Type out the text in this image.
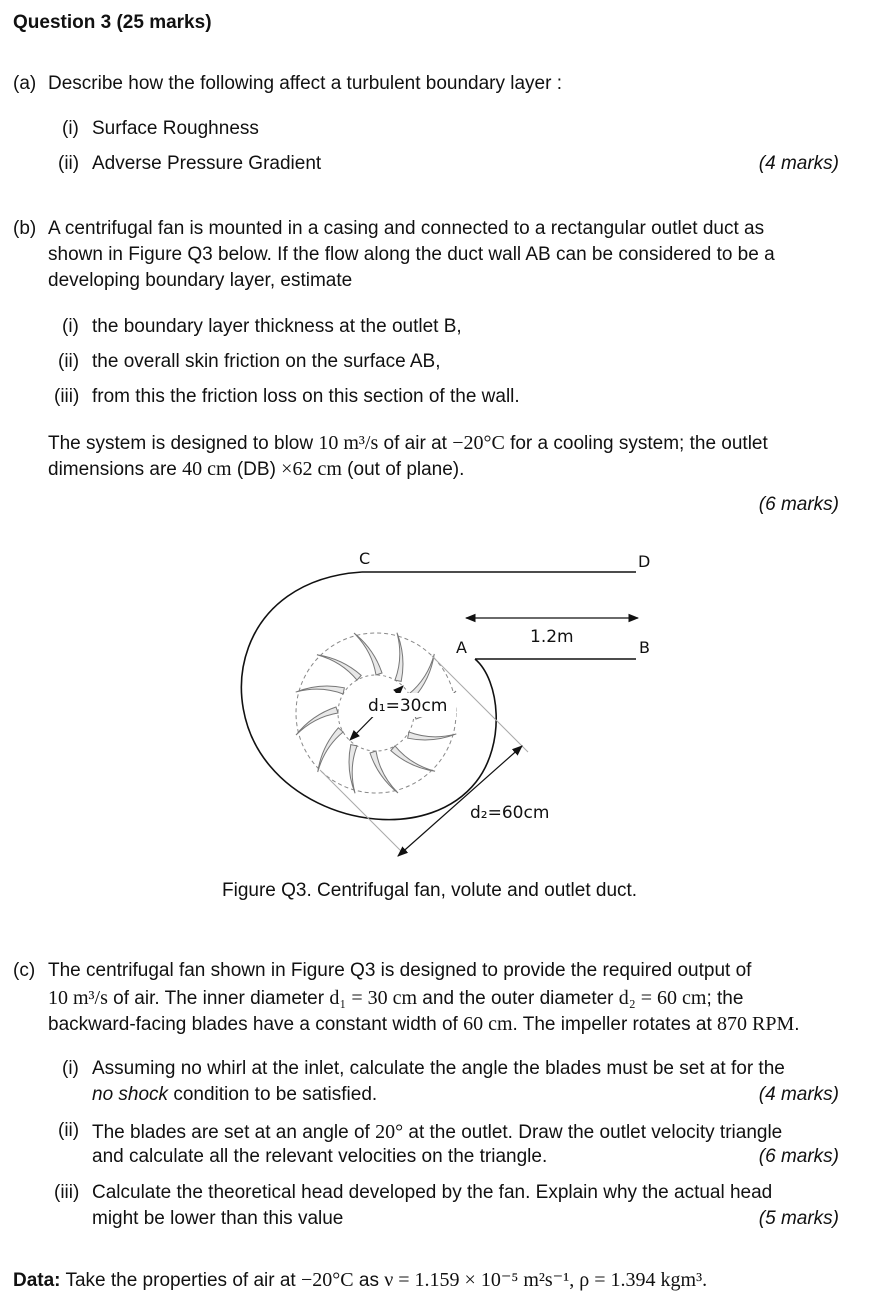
Question 3 (25 marks)
(a) Describe how the following affect a turbulent boundary layer :
(i) Surface Roughness
(ii) Adverse Pressure Gradient	(4 marks)
(b) A centrifugal fan is mounted in a casing and connected to a rectangular outlet duct as
shown in Figure Q3 below. If the flow along the duct wall AB can be considered to be a
developing boundary layer, estimate
(i) the boundary layer thickness at the outlet B,
(ii) the overall skin friction on the surface AB,
(iii) from this the friction loss on this section of the wall.
The system is designed to blow 10 m³/s of air at −20°C for a cooling system; the outlet
dimensions are 40 cm (DB) ×62 cm (out of plane).
(6 marks)
d₁=30cm
d₂=60cm
1.2m
C	D
A	B
Figure Q3. Centrifugal fan, volute and outlet duct.
(c) The centrifugal fan shown in Figure Q3 is designed to provide the required output of
10 m³/s of air. The inner diameter d₁ = 30 cm and the outer diameter d₂ = 60 cm; the
backward-facing blades have a constant width of 60 cm. The impeller rotates at 870 RPM.
(i) Assuming no whirl at the inlet, calculate the angle the blades must be set at for the
no shock condition to be satisfied.	(4 marks)
(ii) The blades are set at an angle of 20° at the outlet. Draw the outlet velocity triangle
and calculate all the relevant velocities on the triangle.	(6 marks)
(iii) Calculate the theoretical head developed by the fan. Explain why the actual head
might be lower than this value	(5 marks)
Data: Take the properties of air at −20°C as ν = 1.159 × 10⁻⁵ m²s⁻¹, ρ = 1.394 kgm³.
